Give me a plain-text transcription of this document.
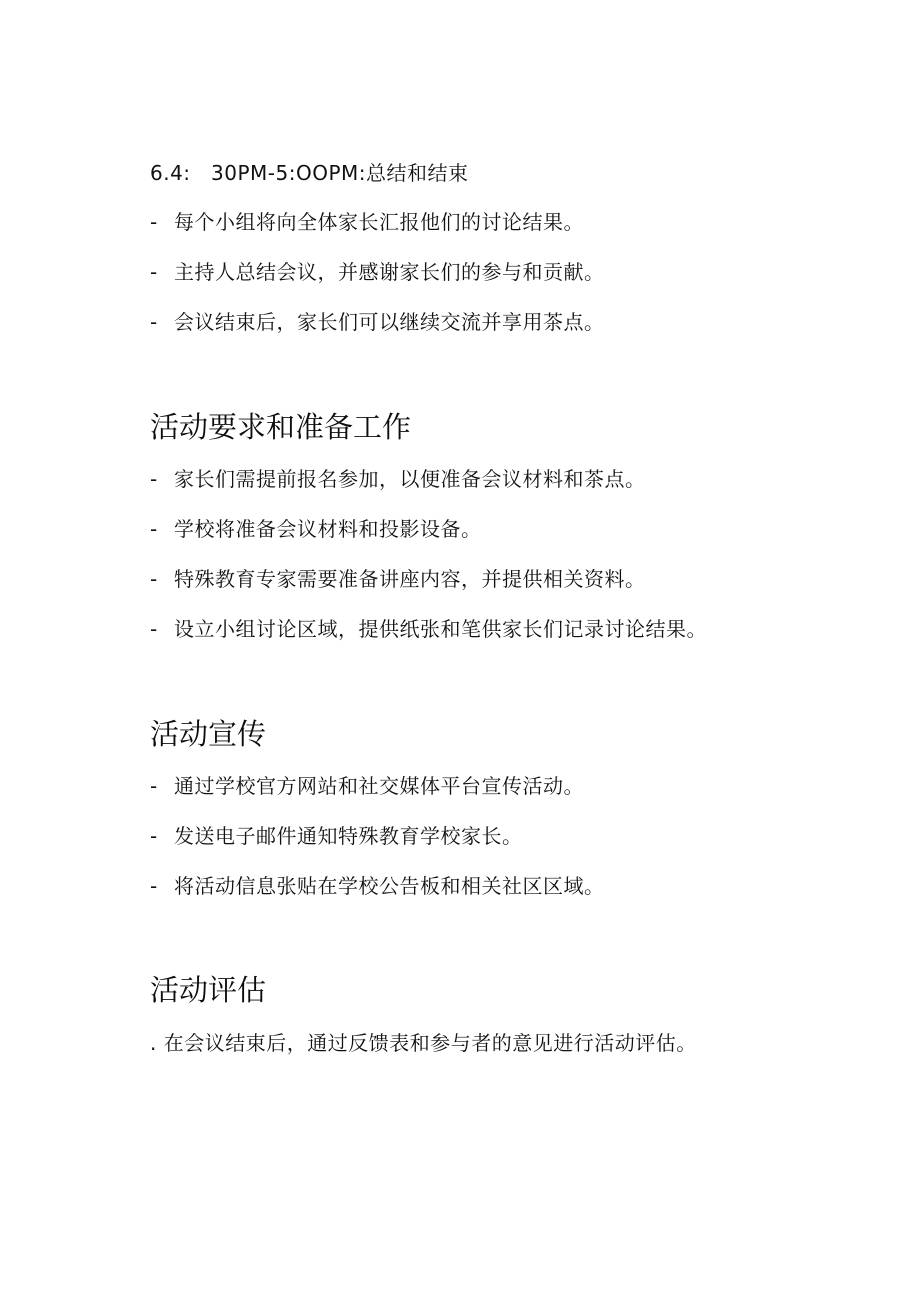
6.4:　30PM-5:OOPM:总结和结束
- 每个小组将向全体家长汇报他们的讨论结果。
- 主持人总结会议，并感谢家长们的参与和贡献。
- 会议结束后，家长们可以继续交流并享用茶点。
活动要求和准备工作
- 家长们需提前报名参加，以便准备会议材料和茶点。
- 学校将准备会议材料和投影设备。
- 特殊教育专家需要准备讲座内容，并提供相关资料。
- 设立小组讨论区域，提供纸张和笔供家长们记录讨论结果。
活动宣传
- 通过学校官方网站和社交媒体平台宣传活动。
- 发送电子邮件通知特殊教育学校家长。
- 将活动信息张贴在学校公告板和相关社区区域。
活动评估
. 在会议结束后，通过反馈表和参与者的意见进行活动评估。
